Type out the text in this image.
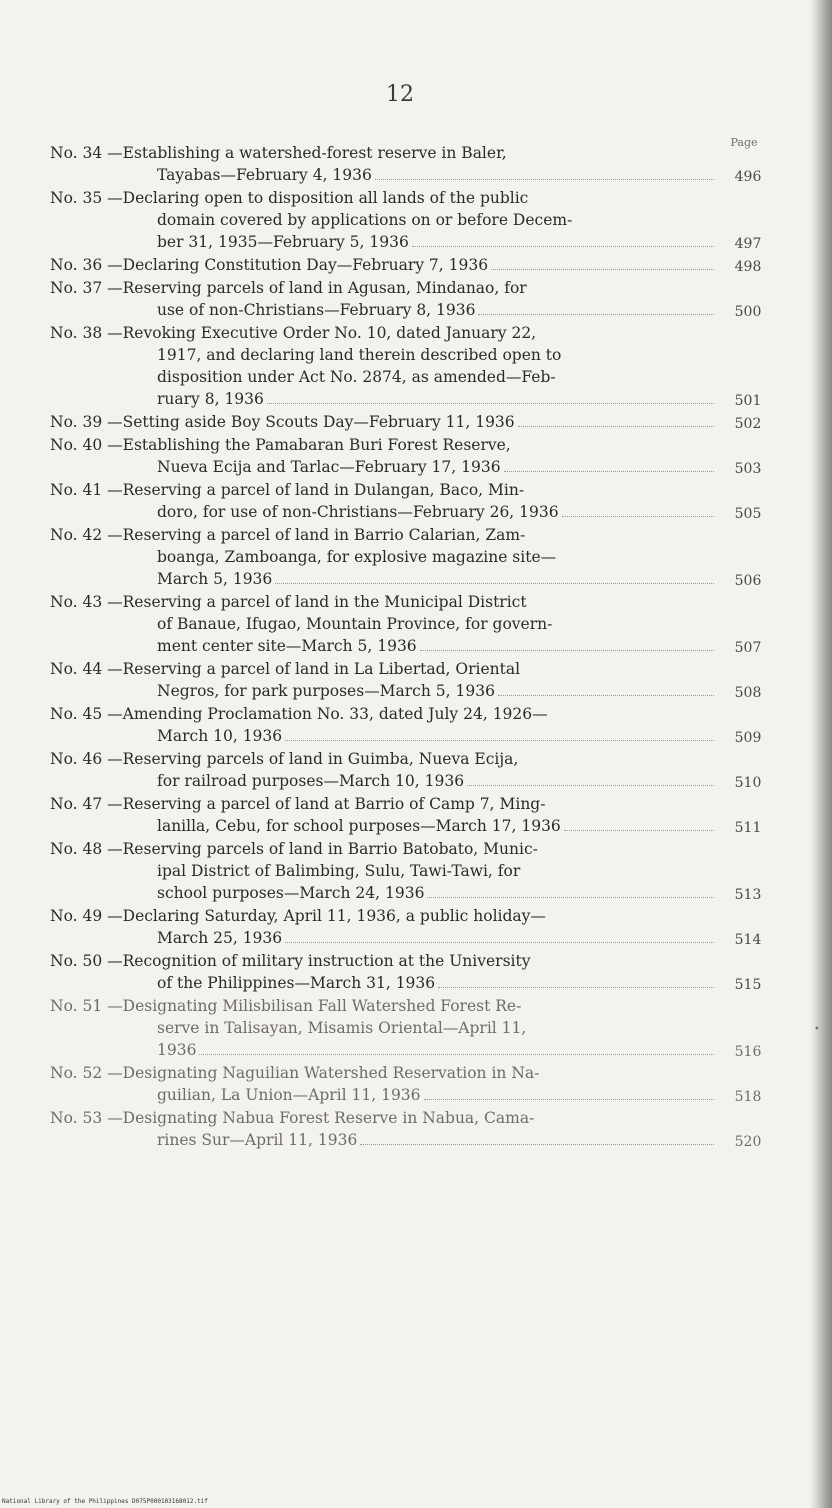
12
Page
No. 34 —Establishing a watershed-forest reserve in Baler,
Tayabas—February 4, 1936	496
No. 35 —Declaring open to disposition all lands of the public
domain covered by applications on or before Decem-
ber 31, 1935—February 5, 1936	497
No. 36 —Declaring Constitution Day—February 7, 1936	498
No. 37 —Reserving parcels of land in Agusan, Mindanao, for
use of non-Christians—February 8, 1936	500
No. 38 —Revoking Executive Order No. 10, dated January 22,
1917, and declaring land therein described open to
disposition under Act No. 2874, as amended—Feb-
ruary 8, 1936	501
No. 39 —Setting aside Boy Scouts Day—February 11, 1936	502
No. 40 —Establishing the Pamabaran Buri Forest Reserve,
Nueva Ecija and Tarlac—February 17, 1936	503
No. 41 —Reserving a parcel of land in Dulangan, Baco, Min-
doro, for use of non-Christians—February 26, 1936	505
No. 42 —Reserving a parcel of land in Barrio Calarian, Zam-
boanga, Zamboanga, for explosive magazine site—
March 5, 1936	506
No. 43 —Reserving a parcel of land in the Municipal District
of Banaue, Ifugao, Mountain Province, for govern-
ment center site—March 5, 1936	507
No. 44 —Reserving a parcel of land in La Libertad, Oriental
Negros, for park purposes—March 5, 1936	508
No. 45 —Amending Proclamation No. 33, dated July 24, 1926—
March 10, 1936	509
No. 46 —Reserving parcels of land in Guimba, Nueva Ecija,
for railroad purposes—March 10, 1936	510
No. 47 —Reserving a parcel of land at Barrio of Camp 7, Ming-
lanilla, Cebu, for school purposes—March 17, 1936	511
No. 48 —Reserving parcels of land in Barrio Batobato, Munic-
ipal District of Balimbing, Sulu, Tawi-Tawi, for
school purposes—March 24, 1936	513
No. 49 —Declaring Saturday, April 11, 1936, a public holiday—
March 25, 1936	514
No. 50 —Recognition of military instruction at the University
of the Philippines—March 31, 1936	515
No. 51 —Designating Milisbilisan Fall Watershed Forest Re-
serve in Talisayan, Misamis Oriental—April 11,
1936	516
No. 52 —Designating Naguilian Watershed Reservation in Na-
guilian, La Union—April 11, 1936	518
No. 53 —Designating Nabua Forest Reserve in Nabua, Cama-
rines Sur—April 11, 1936	520
•
National Library of the Philippines D075P000103168012.tif
